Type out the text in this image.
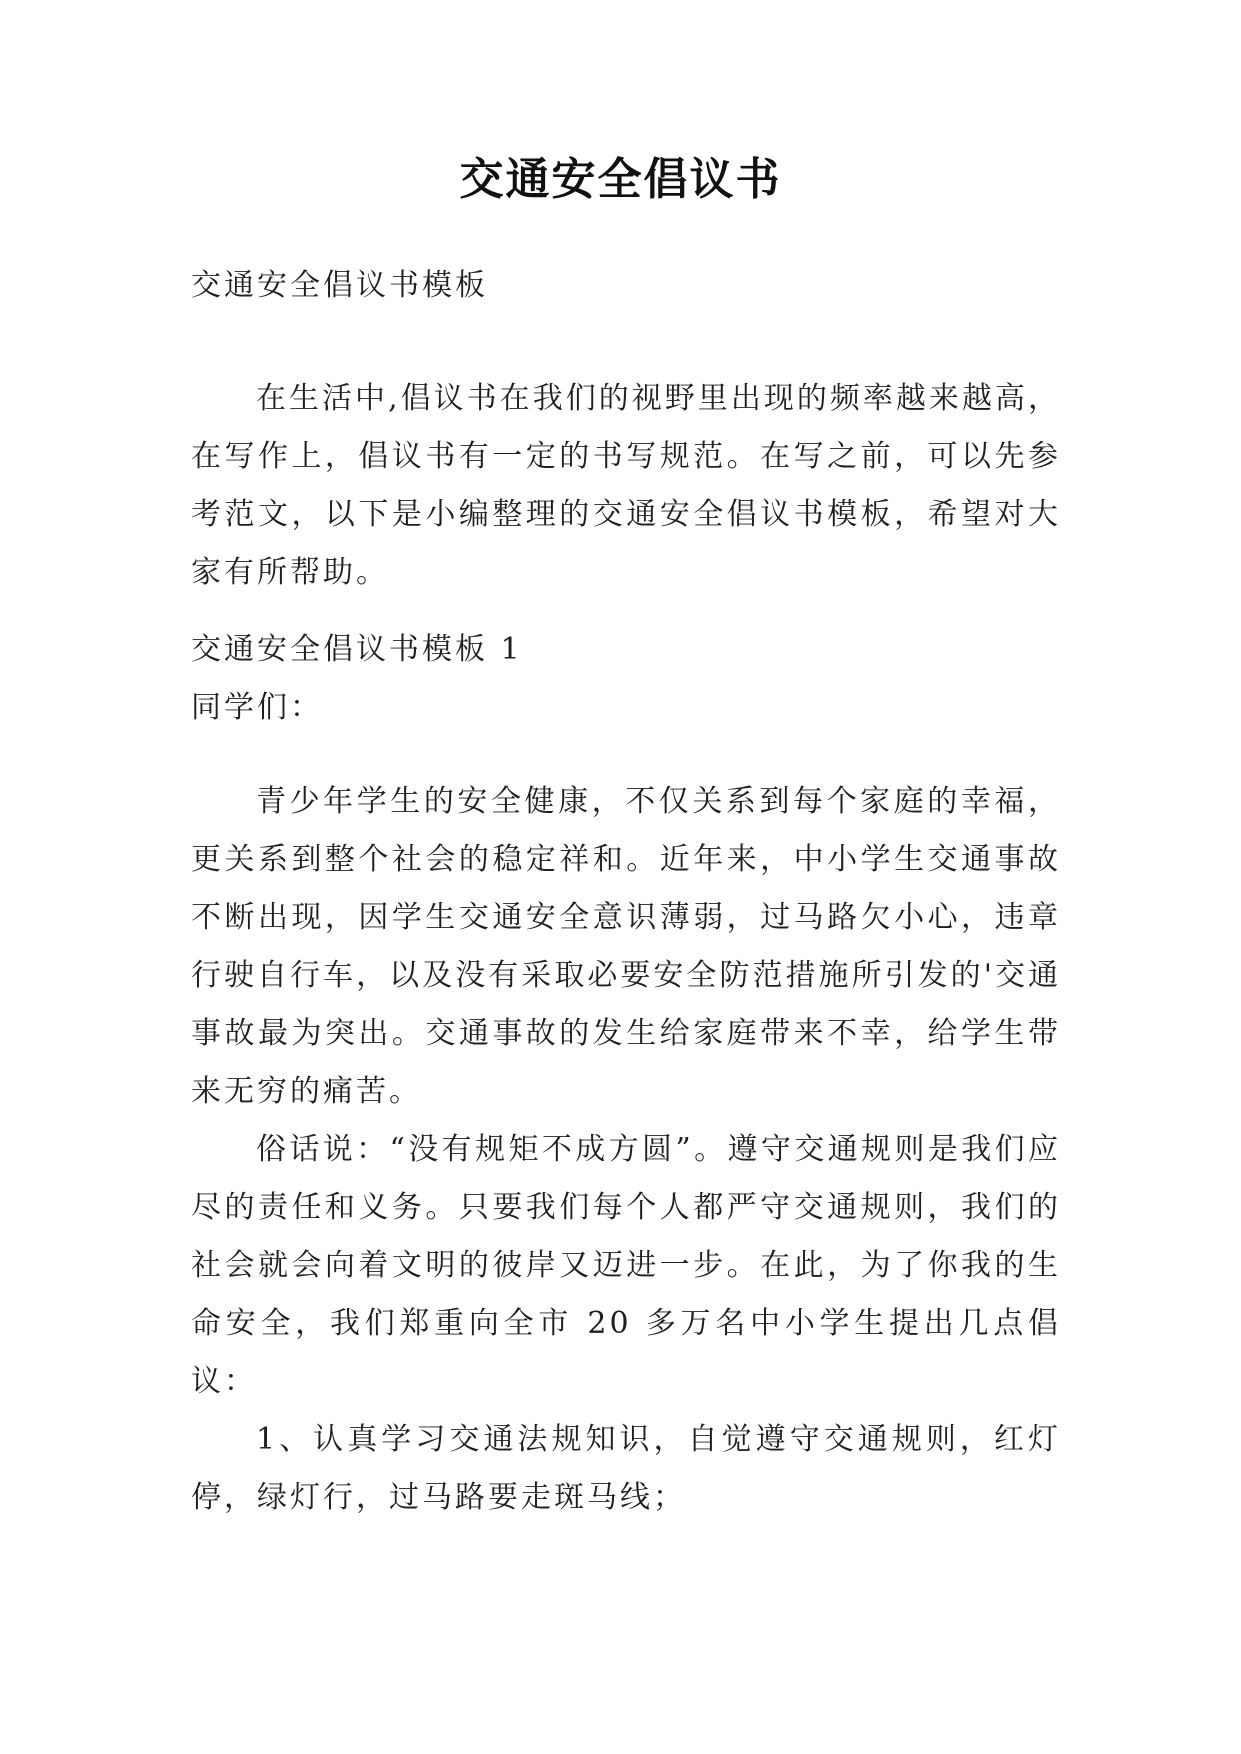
交通安全倡议书

交通安全倡议书模板

在生活中,倡议书在我们的视野里出现的频率越来越高，在写作上，倡议书有一定的书写规范。在写之前，可以先参考范文，以下是小编整理的交通安全倡议书模板，希望对大家有所帮助。

交通安全倡议书模板 1

同学们：

青少年学生的安全健康，不仅关系到每个家庭的幸福，更关系到整个社会的稳定祥和。近年来，中小学生交通事故不断出现，因学生交通安全意识薄弱，过马路欠小心，违章行驶自行车，以及没有采取必要安全防范措施所引发的'交通事故最为突出。交通事故的发生给家庭带来不幸，给学生带来无穷的痛苦。

俗话说：“没有规矩不成方圆”。遵守交通规则是我们应尽的责任和义务。只要我们每个人都严守交通规则，我们的社会就会向着文明的彼岸又迈进一步。在此，为了你我的生命安全，我们郑重向全市 20 多万名中小学生提出几点倡议：

1、认真学习交通法规知识，自觉遵守交通规则，红灯停，绿灯行，过马路要走斑马线；
